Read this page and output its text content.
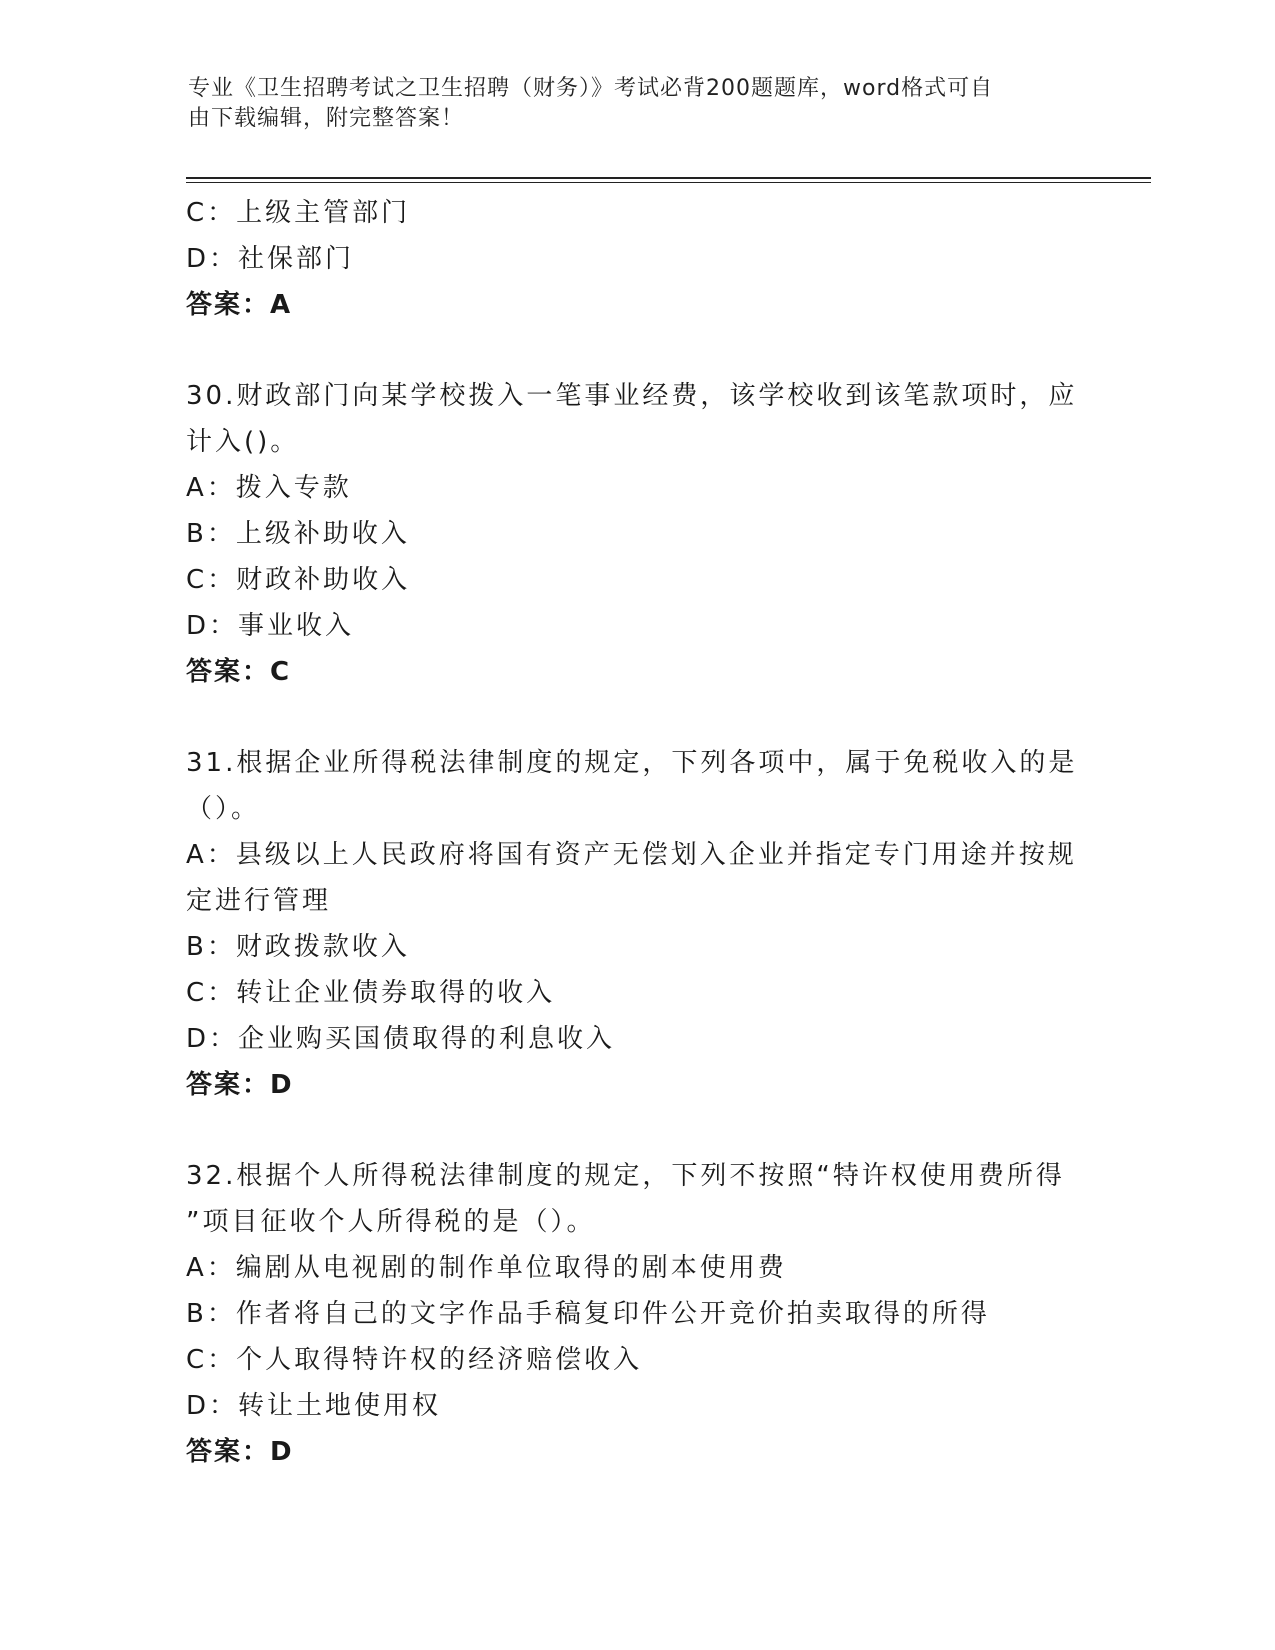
专业《卫生招聘考试之卫生招聘（财务）》考试必背200题题库，word格式可自
由下载编辑，附完整答案！
C：上级主管部门
D：社保部门
答案：A
30.财政部门向某学校拨入一笔事业经费，该学校收到该笔款项时，应
计入()。
A：拨入专款
B：上级补助收入
C：财政补助收入
D：事业收入
答案：C
31.根据企业所得税法律制度的规定，下列各项中，属于免税收入的是
（）。
A：县级以上人民政府将国有资产无偿划入企业并指定专门用途并按规
定进行管理
B：财政拨款收入
C：转让企业债券取得的收入
D：企业购买国债取得的利息收入
答案：D
32.根据个人所得税法律制度的规定，下列不按照“特许权使用费所得
”项目征收个人所得税的是（）。
A：编剧从电视剧的制作单位取得的剧本使用费
B：作者将自己的文字作品手稿复印件公开竞价拍卖取得的所得
C：个人取得特许权的经济赔偿收入
D：转让土地使用权
答案：D
